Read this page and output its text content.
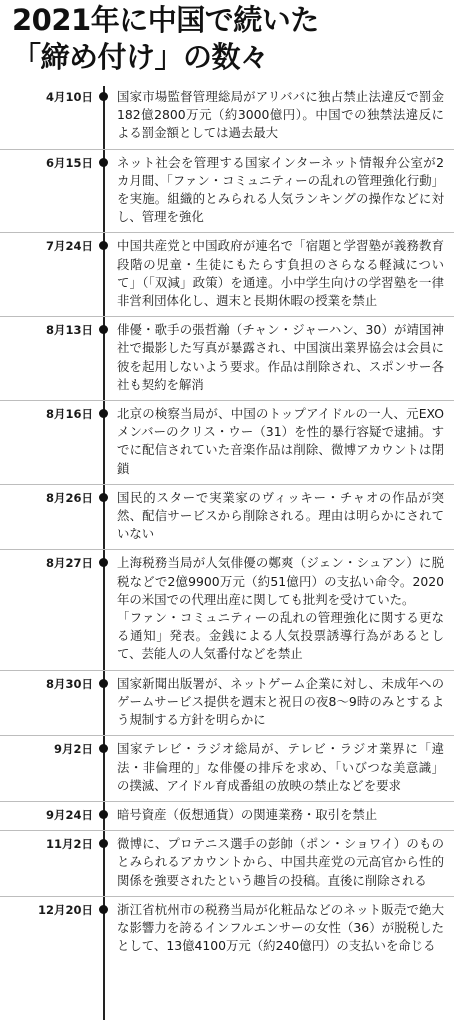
2021年に中国で続いた
「締め付け」の数々
4月10日 国家市場監督管理総局がアリババに独占禁止法違反で罰金182億2800万元（約3000億円）。中国での独禁法違反による罰金額としては過去最大
6月15日 ネット社会を管理する国家インターネット情報弁公室が2カ月間、「ファン・コミュニティーの乱れの管理強化行動」を実施。組織的とみられる人気ランキングの操作などに対し、管理を強化
7月24日 中国共産党と中国政府が連名で「宿題と学習塾が義務教育段階の児童・生徒にもたらす負担のさらなる軽減について」（「双減」政策）を通達。小中学生向けの学習塾を一律非営利団体化し、週末と長期休暇の授業を禁止
8月13日 俳優・歌手の張哲瀚（チャン・ジャーハン、30）が靖国神社で撮影した写真が暴露され、中国演出業界協会は会員に彼を起用しないよう要求。作品は削除され、スポンサー各社も契約を解消
8月16日 北京の検察当局が、中国のトップアイドルの一人、元EXOメンバーのクリス・ウー（31）を性的暴行容疑で逮捕。すでに配信されていた音楽作品は削除、微博アカウントは閉鎖
8月26日 国民的スターで実業家のヴィッキー・チャオの作品が突然、配信サービスから削除される。理由は明らかにされていない
8月27日 上海税務当局が人気俳優の鄭爽（ジェン・シュアン）に脱税などで2億9900万元（約51億円）の支払い命令。2020年の米国での代理出産に関しても批判を受けていた。
「ファン・コミュニティーの乱れの管理強化に関する更なる通知」発表。金銭による人気投票誘導行為があるとして、芸能人の人気番付などを禁止
8月30日 国家新聞出版署が、ネットゲーム企業に対し、未成年へのゲームサービス提供を週末と祝日の夜8〜9時のみとするよう規制する方針を明らかに
9月2日 国家テレビ・ラジオ総局が、テレビ・ラジオ業界に「違法・非倫理的」な俳優の排斥を求め、「いびつな美意識」の撲滅、アイドル育成番組の放映の禁止などを要求
9月24日 暗号資産（仮想通貨）の関連業務・取引を禁止
11月2日 微博に、プロテニス選手の彭帥（ポン・ショワイ）のものとみられるアカウントから、中国共産党の元高官から性的関係を強要されたという趣旨の投稿。直後に削除される
12月20日 浙江省杭州市の税務当局が化粧品などのネット販売で絶大な影響力を誇るインフルエンサーの女性（36）が脱税したとして、13億4100万元（約240億円）の支払いを命じる
